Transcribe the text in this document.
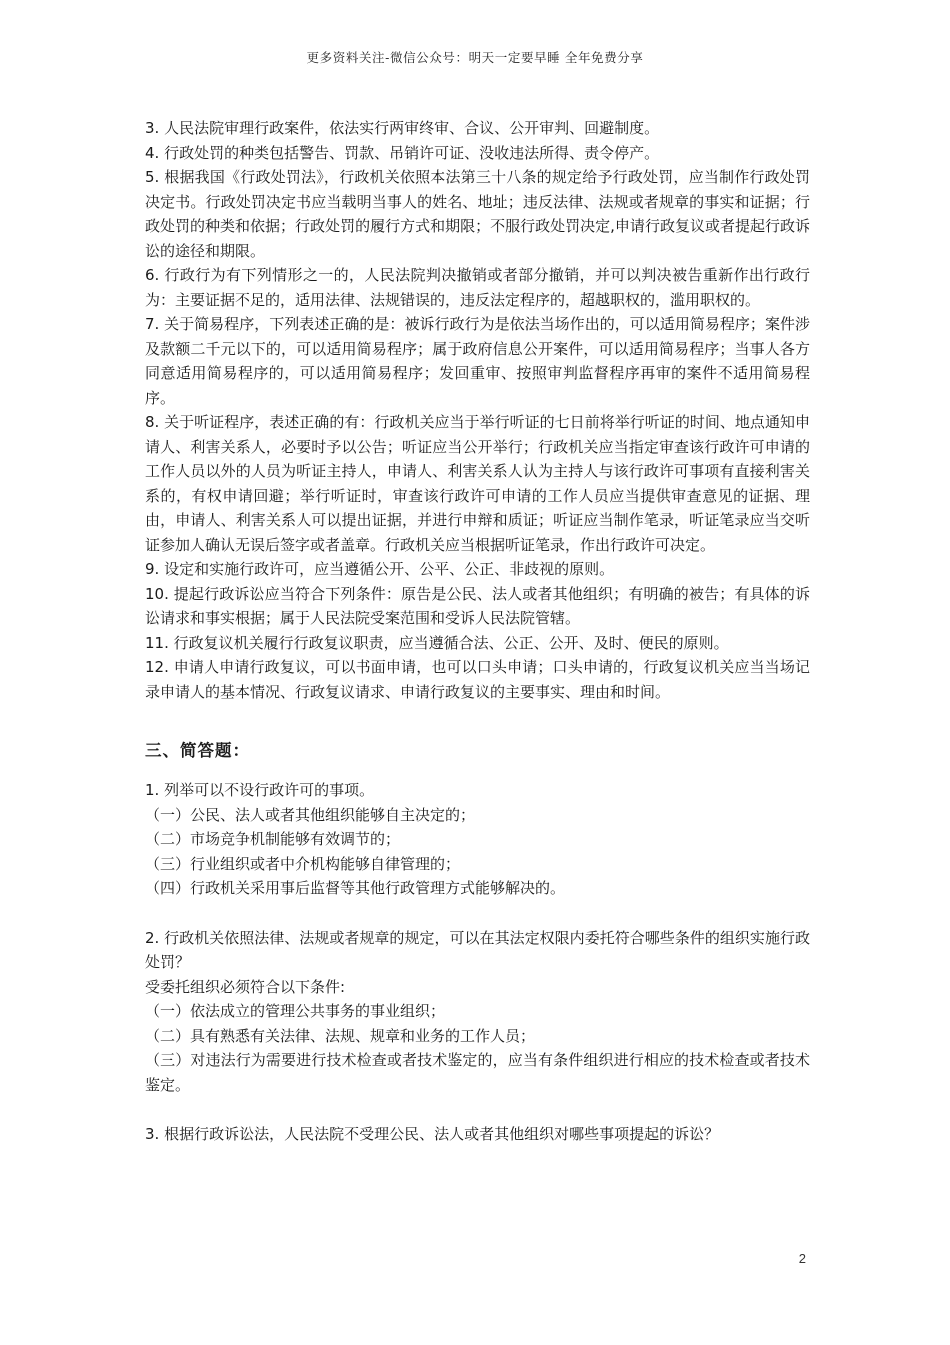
更多资料关注-微信公众号：明天一定要早睡 全年免费分享

3. 人民法院审理行政案件，依法实行两审终审、合议、公开审判、回避制度。

4. 行政处罚的种类包括警告、罚款、吊销许可证、没收违法所得、责令停产。

5. 根据我国《行政处罚法》，行政机关依照本法第三十八条的规定给予行政处罚，应当制作行政处罚决定书。行政处罚决定书应当载明当事人的姓名、地址；违反法律、法规或者规章的事实和证据；行政处罚的种类和依据；行政处罚的履行方式和期限；不服行政处罚决定,申请行政复议或者提起行政诉讼的途径和期限。

6. 行政行为有下列情形之一的，人民法院判决撤销或者部分撤销，并可以判决被告重新作出行政行为：主要证据不足的，适用法律、法规错误的，违反法定程序的，超越职权的，滥用职权的。

7. 关于简易程序，下列表述正确的是：被诉行政行为是依法当场作出的，可以适用简易程序；案件涉及款额二千元以下的，可以适用简易程序；属于政府信息公开案件，可以适用简易程序；当事人各方同意适用简易程序的，可以适用简易程序；发回重审、按照审判监督程序再审的案件不适用简易程序。

8. 关于听证程序，表述正确的有：行政机关应当于举行听证的七日前将举行听证的时间、地点通知申请人、利害关系人，必要时予以公告；听证应当公开举行；行政机关应当指定审查该行政许可申请的工作人员以外的人员为听证主持人，申请人、利害关系人认为主持人与该行政许可事项有直接利害关系的，有权申请回避；举行听证时，审查该行政许可申请的工作人员应当提供审查意见的证据、理由，申请人、利害关系人可以提出证据，并进行申辩和质证；听证应当制作笔录，听证笔录应当交听证参加人确认无误后签字或者盖章。行政机关应当根据听证笔录，作出行政许可决定。

9. 设定和实施行政许可，应当遵循公开、公平、公正、非歧视的原则。

10. 提起行政诉讼应当符合下列条件：原告是公民、法人或者其他组织；有明确的被告；有具体的诉讼请求和事实根据；属于人民法院受案范围和受诉人民法院管辖。

11. 行政复议机关履行行政复议职责，应当遵循合法、公正、公开、及时、便民的原则。

12. 申请人申请行政复议，可以书面申请，也可以口头申请；口头申请的，行政复议机关应当当场记录申请人的基本情况、行政复议请求、申请行政复议的主要事实、理由和时间。

三、简答题：

1. 列举可以不设行政许可的事项。

（一）公民、法人或者其他组织能够自主决定的；

（二）市场竞争机制能够有效调节的；

（三）行业组织或者中介机构能够自律管理的；

（四）行政机关采用事后监督等其他行政管理方式能够解决的。

2. 行政机关依照法律、法规或者规章的规定，可以在其法定权限内委托符合哪些条件的组织实施行政处罚？

受委托组织必须符合以下条件:

（一）依法成立的管理公共事务的事业组织；

（二）具有熟悉有关法律、法规、规章和业务的工作人员；

（三）对违法行为需要进行技术检查或者技术鉴定的，应当有条件组织进行相应的技术检查或者技术鉴定。

3. 根据行政诉讼法，人民法院不受理公民、法人或者其他组织对哪些事项提起的诉讼？

2
